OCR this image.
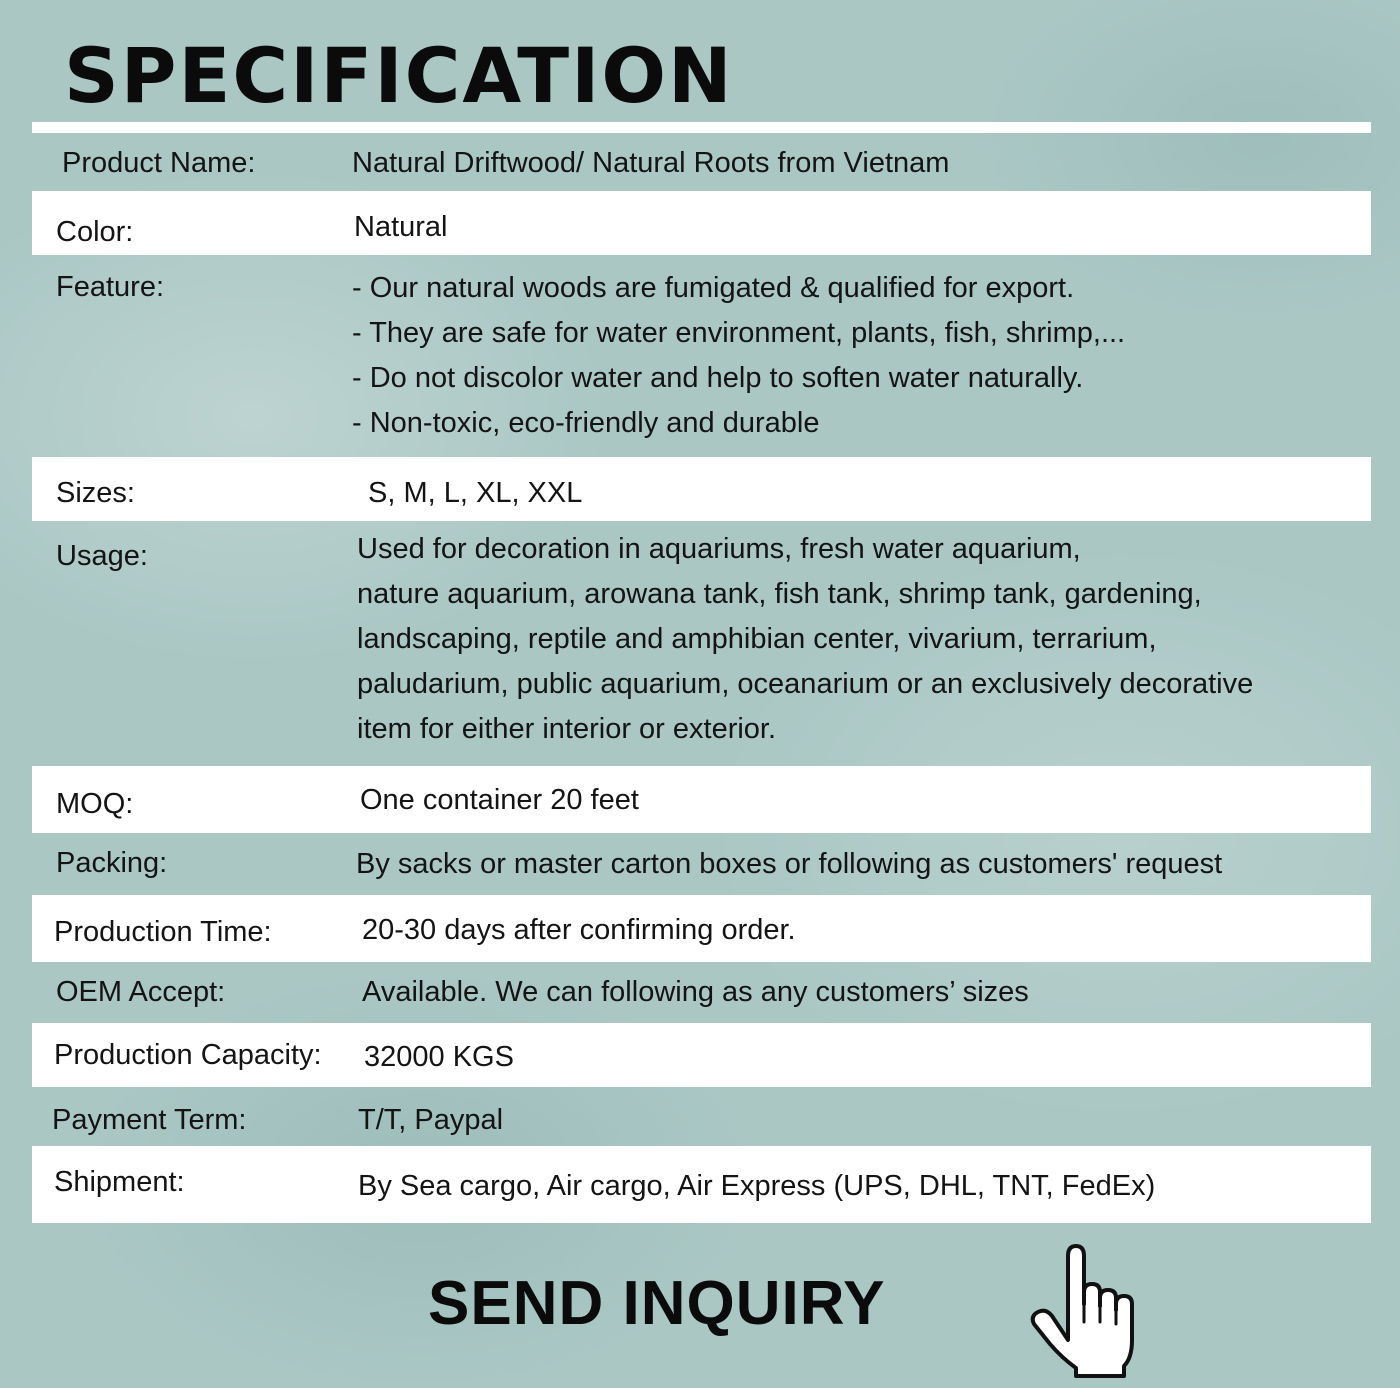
SPECIFICATION
Product Name:	Natural Driftwood/ Natural Roots from Vietnam
Color:	Natural
Feature:	- Our natural woods are fumigated & qualified for export.
- They are safe for water environment, plants, fish, shrimp,...
- Do not discolor water and help to soften water naturally.
- Non-toxic, eco-friendly and durable
Sizes:	S, M, L, XL, XXL
Usage:	Used for decoration in aquariums, fresh water aquarium,
nature aquarium, arowana tank, fish tank, shrimp tank, gardening,
landscaping, reptile and amphibian center, vivarium, terrarium,
paludarium, public aquarium, oceanarium or an exclusively decorative
item for either interior or exterior.
MOQ:	One container 20 feet
Packing:	By sacks or master carton boxes or following as customers' request
Production Time:	20-30 days after confirming order.
OEM Accept:	Available. We can following as any customers’ sizes
Production Capacity: 32000 KGS
Payment Term:	T/T, Paypal
Shipment:	By Sea cargo, Air cargo, Air Express (UPS, DHL, TNT, FedEx)
SEND INQUIRY
